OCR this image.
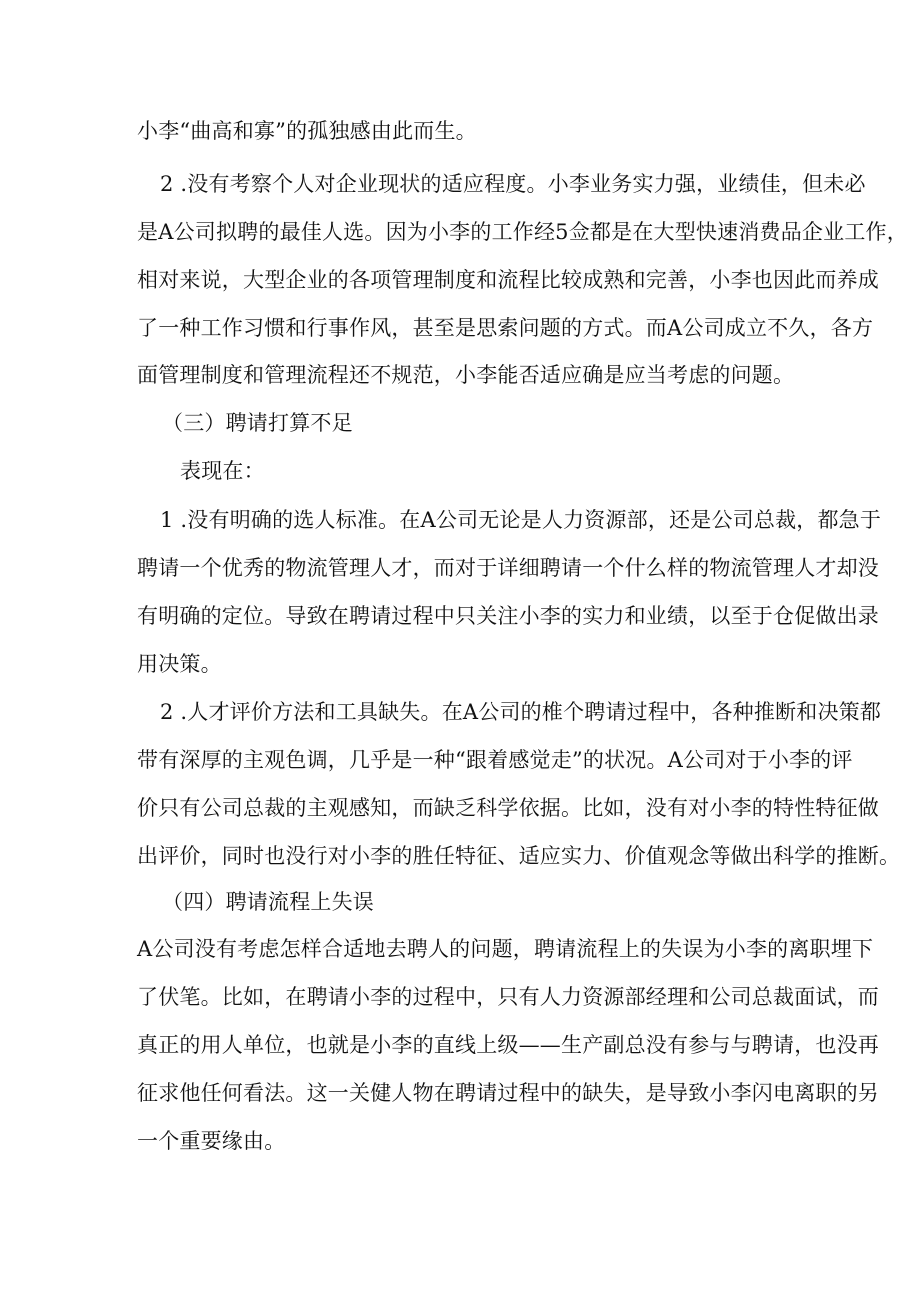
小李“曲高和寡”的孤独感由此而生。
2 .没有考察个人对企业现状的适应程度。小李业务实力强，业绩佳，但未必
是A公司拟聘的最佳人选。因为小李的工作经5佥都是在大型快速消费品企业工作，
相对来说，大型企业的各项管理制度和流程比较成熟和完善，小李也因此而养成
了一种工作习惯和行事作风，甚至是思索问题的方式。而A公司成立不久，各方
面管理制度和管理流程还不规范，小李能否适应确是应当考虑的问题。
（三）聘请打算不足
表现在：
1 .没有明确的选人标准。在A公司无论是人力资源部，还是公司总裁，都急于
聘请一个优秀的物流管理人才，而对于详细聘请一个什么样的物流管理人才却没
有明确的定位。导致在聘请过程中只关注小李的实力和业绩，以至于仓促做出录
用决策。
2 .人才评价方法和工具缺失。在A公司的椎个聘请过程中，各种推断和决策都
带有深厚的主观色调，几乎是一种“跟着感觉走”的状况。A公司对于小李的评
价只有公司总裁的主观感知，而缺乏科学依据。比如，没有对小李的特性特征做
出评价，同时也没行对小李的胜任特征、适应实力、价值观念等做出科学的推断。
（四）聘请流程上失误
A公司没有考虑怎样合适地去聘人的问题，聘请流程上的失误为小李的离职埋下
了伏笔。比如，在聘请小李的过程中，只有人力资源部经理和公司总裁面试，而
真正的用人单位，也就是小李的直线上级——生产副总没有参与与聘请，也没再
征求他任何看法。这一关健人物在聘请过程中的缺失，是导致小李闪电离职的另
一个重要缘由。
